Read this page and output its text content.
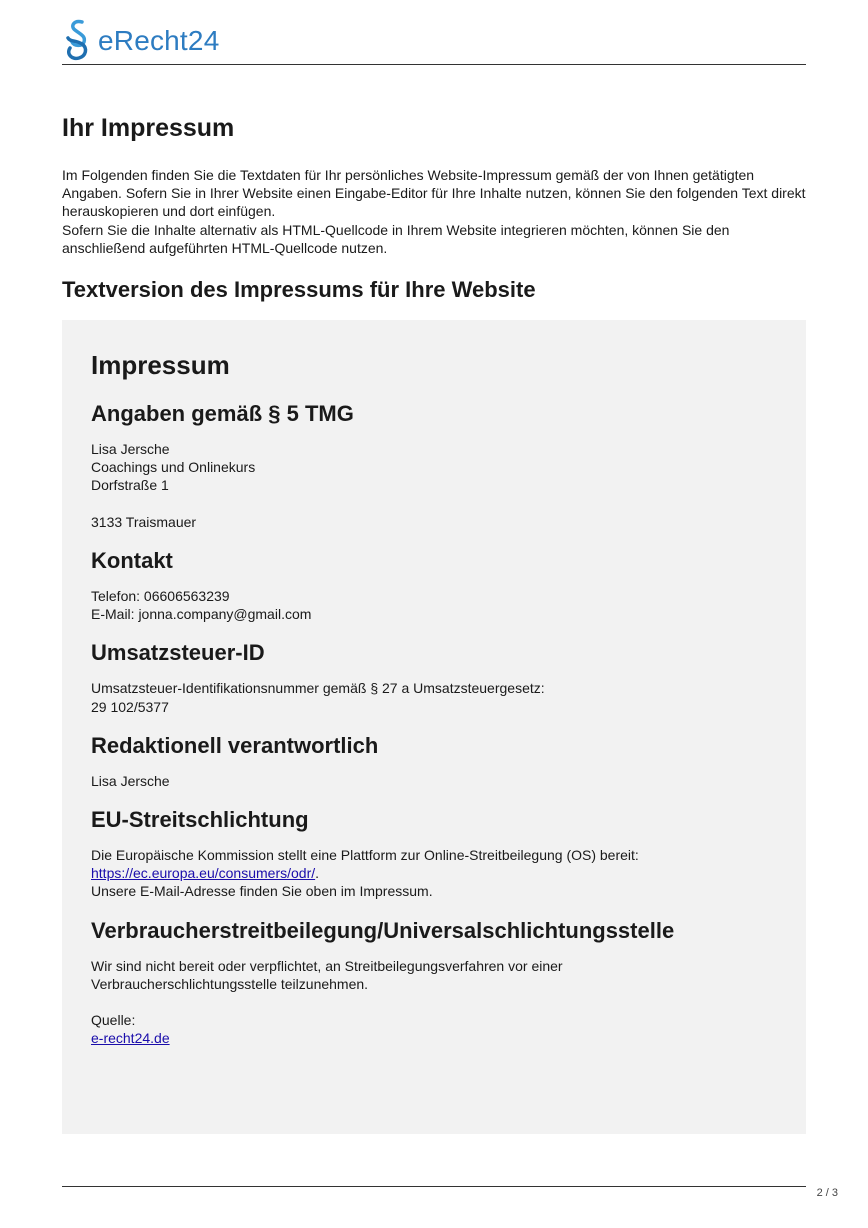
eRecht24
Ihr Impressum

Im Folgenden finden Sie die Textdaten für Ihr persönliches Website-Impressum gemäß der von Ihnen getätigten Angaben. Sofern Sie in Ihrer Website einen Eingabe-Editor für Ihre Inhalte nutzen, können Sie den folgenden Text direkt herauskopieren und dort einfügen.

Sofern Sie die Inhalte alternativ als HTML-Quellcode in Ihrem Website integrieren möchten, können Sie den anschließend aufgeführten HTML-Quellcode nutzen.

Textversion des Impressums für Ihre Website
Impressum
Angaben gemäß § 5 TMG
Lisa Jersche
Coachings und Onlinekurs
Dorfstraße 1
3133 Traismauer
Kontakt
Telefon: 06606563239
E-Mail: jonna.company@gmail.com
Umsatzsteuer-ID
Umsatzsteuer-Identifikationsnummer gemäß § 27 a Umsatzsteuergesetz:
29 102/5377
Redaktionell verantwortlich
Lisa Jersche
EU-Streitschlichtung
Die Europäische Kommission stellt eine Plattform zur Online-Streitbeilegung (OS) bereit:
https://ec.europa.eu/consumers/odr/.
Unsere E-Mail-Adresse finden Sie oben im Impressum.
Verbraucherstreitbeilegung/Universalschlichtungsstelle
Wir sind nicht bereit oder verpflichtet, an Streitbeilegungsverfahren vor einer
Verbraucherschlichtungsstelle teilzunehmen.
Quelle:
e-recht24.de
2 / 3
